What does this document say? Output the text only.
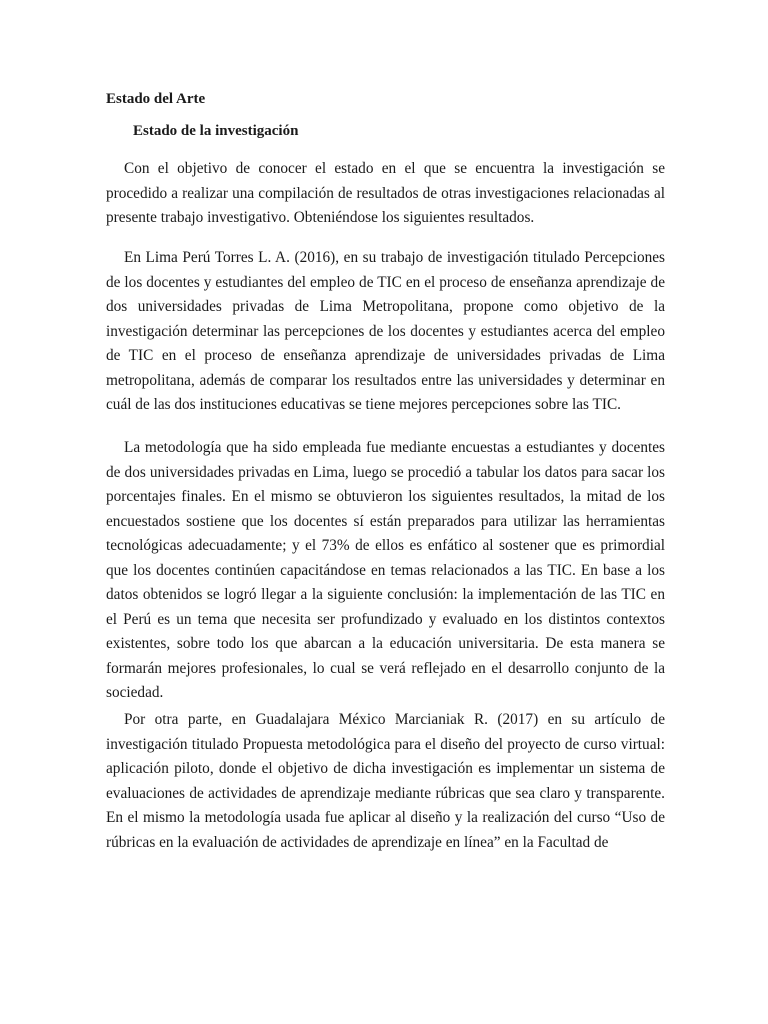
Estado del Arte
Estado de la investigación

Con el objetivo de conocer el estado en el que se encuentra la investigación se procedido a realizar una compilación de resultados de otras investigaciones relacionadas al presente trabajo investigativo. Obteniéndose los siguientes resultados.

En Lima Perú Torres L. A. (2016), en su trabajo de investigación titulado Percepciones de los docentes y estudiantes del empleo de TIC en el proceso de enseñanza aprendizaje de dos universidades privadas de Lima Metropolitana, propone como objetivo de la investigación determinar las percepciones de los docentes y estudiantes acerca del empleo de TIC en el proceso de enseñanza aprendizaje de universidades privadas de Lima metropolitana, además de comparar los resultados entre las universidades y determinar en cuál de las dos instituciones educativas se tiene mejores percepciones sobre las TIC.

La metodología que ha sido empleada fue mediante encuestas a estudiantes y docentes de dos universidades privadas en Lima, luego se procedió a tabular los datos para sacar los porcentajes finales. En el mismo se obtuvieron los siguientes resultados, la mitad de los encuestados sostiene que los docentes sí están preparados para utilizar las herramientas tecnológicas adecuadamente; y el 73% de ellos es enfático al sostener que es primordial que los docentes continúen capacitándose en temas relacionados a las TIC. En base a los datos obtenidos se logró llegar a la siguiente conclusión: la implementación de las TIC en el Perú es un tema que necesita ser profundizado y evaluado en los distintos contextos existentes, sobre todo los que abarcan a la educación universitaria. De esta manera se formarán mejores profesionales, lo cual se verá reflejado en el desarrollo conjunto de la sociedad.

Por otra parte, en Guadalajara México Marcianiak R. (2017) en su artículo de investigación titulado Propuesta metodológica para el diseño del proyecto de curso virtual: aplicación piloto, donde el objetivo de dicha investigación es implementar un sistema de evaluaciones de actividades de aprendizaje mediante rúbricas que sea claro y transparente. En el mismo la metodología usada fue aplicar al diseño y la realización del curso “Uso de rúbricas en la evaluación de actividades de aprendizaje en línea” en la Facultad de
